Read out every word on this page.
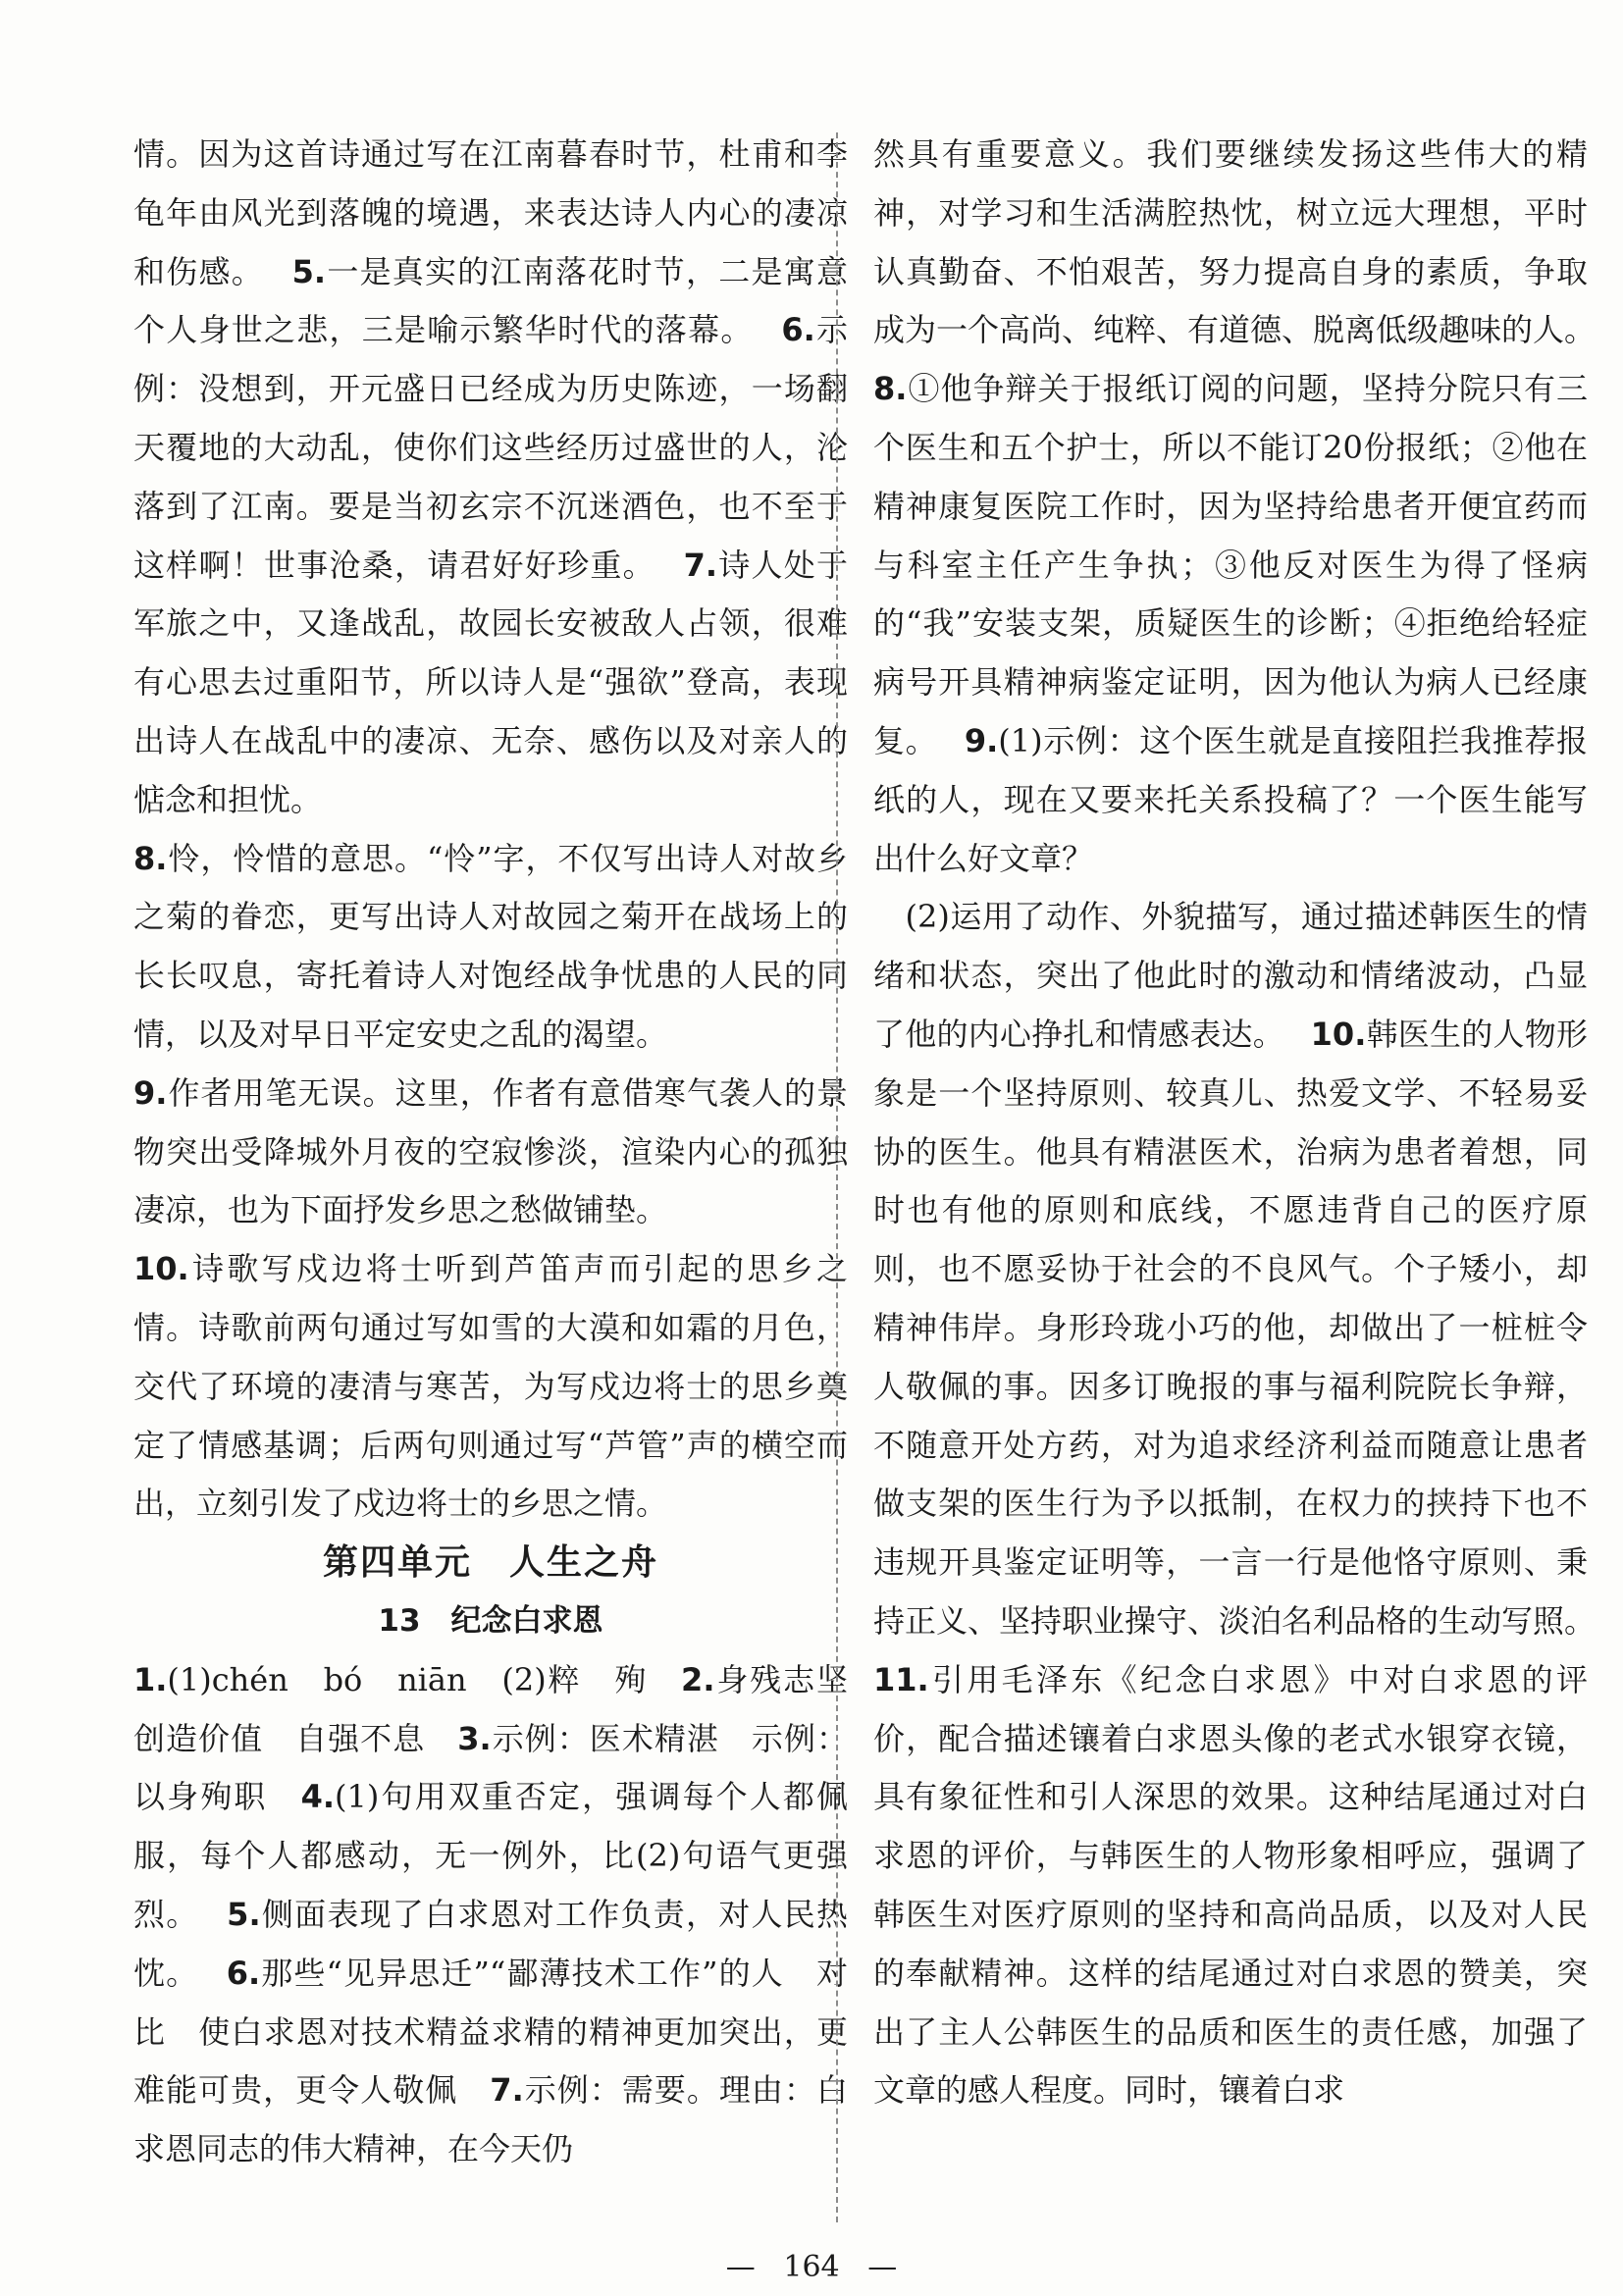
情。因为这首诗通过写在江南暮春时节，杜甫和李龟年由风光到落魄的境遇，来表达诗人内心的凄凉和伤感。　 5.一是真实的江南落花时节，二是寓意个人身世之悲，三是喻示繁华时代的落幕。　 6.示例：没想到，开元盛日已经成为历史陈迹，一场翻天覆地的大动乱，使你们这些经历过盛世的人，沦落到了江南。要是当初玄宗不沉迷酒色，也不至于这样啊！世事沧桑，请君好好珍重。　 7.诗人处于军旅之中，又逢战乱，故园长安被敌人占领，很难有心思去过重阳节，所以诗人是“强欲”登高，表现出诗人在战乱中的凄凉、无奈、感伤以及对亲人的惦念和担忧。

8.怜，怜惜的意思。“怜”字，不仅写出诗人对故乡之菊的眷恋，更写出诗人对故园之菊开在战场上的长长叹息，寄托着诗人对饱经战争忧患的人民的同情，以及对早日平定安史之乱的渴望。

9.作者用笔无误。这里，作者有意借寒气袭人的景物突出受降城外月夜的空寂惨淡，渲染内心的孤独凄凉，也为下面抒发乡思之愁做铺垫。

10.诗歌写戍边将士听到芦笛声而引起的思乡之情。诗歌前两句通过写如雪的大漠和如霜的月色，交代了环境的凄清与寒苦，为写戍边将士的思乡奠定了情感基调；后两句则通过写“芦管”声的横空而出，立刻引发了戍边将士的乡思之情。

第四单元　人生之舟

13　纪念白求恩

1.(1)chén　bó　niān　(2)粹　殉　 2.身残志坚创造价值　自强不息　 3.示例：医术精湛　示例：以身殉职　 4.(1)句用双重否定，强调每个人都佩服，每个人都感动，无一例外，比(2)句语气更强烈。　 5.侧面表现了白求恩对工作负责，对人民热忱。　 6.那些“见异思迁”“鄙薄技术工作”的人　对比　使白求恩对技术精益求精的精神更加突出，更难能可贵，更令人敬佩　 7.示例：需要。理由：白求恩同志的伟大精神，在今天仍

然具有重要意义。我们要继续发扬这些伟大的精神，对学习和生活满腔热忱，树立远大理想，平时认真勤奋、不怕艰苦，努力提高自身的素质，争取成为一个高尚、纯粹、有道德、脱离低级趣味的人。　 8.①他争辩关于报纸订阅的问题，坚持分院只有三个医生和五个护士，所以不能订20份报纸；②他在精神康复医院工作时，因为坚持给患者开便宜药而与科室主任产生争执；③他反对医生为得了怪病的“我”安装支架，质疑医生的诊断；④拒绝给轻症病号开具精神病鉴定证明，因为他认为病人已经康复。　 9.(1)示例：这个医生就是直接阻拦我推荐报纸的人，现在又要来托关系投稿了？一个医生能写出什么好文章？

　(2)运用了动作、外貌描写，通过描述韩医生的情绪和状态，突出了他此时的激动和情绪波动，凸显了他的内心挣扎和情感表达。　 10.韩医生的人物形象是一个坚持原则、较真儿、热爱文学、不轻易妥协的医生。他具有精湛医术，治病为患者着想，同时也有他的原则和底线，不愿违背自己的医疗原则，也不愿妥协于社会的不良风气。个子矮小，却精神伟岸。身形玲珑小巧的他，却做出了一桩桩令人敬佩的事。因多订晚报的事与福利院院长争辩，不随意开处方药，对为追求经济利益而随意让患者做支架的医生行为予以抵制，在权力的挟持下也不违规开具鉴定证明等，一言一行是他恪守原则、秉持正义、坚持职业操守、淡泊名利品格的生动写照。　 11.引用毛泽东《纪念白求恩》中对白求恩的评价，配合描述镶着白求恩头像的老式水银穿衣镜，具有象征性和引人深思的效果。这种结尾通过对白求恩的评价，与韩医生的人物形象相呼应，强调了韩医生对医疗原则的坚持和高尚品质，以及对人民的奉献精神。这样的结尾通过对白求恩的赞美，突出了主人公韩医生的品质和医生的责任感，加强了文章的感人程度。同时，镶着白求

— 164 —
